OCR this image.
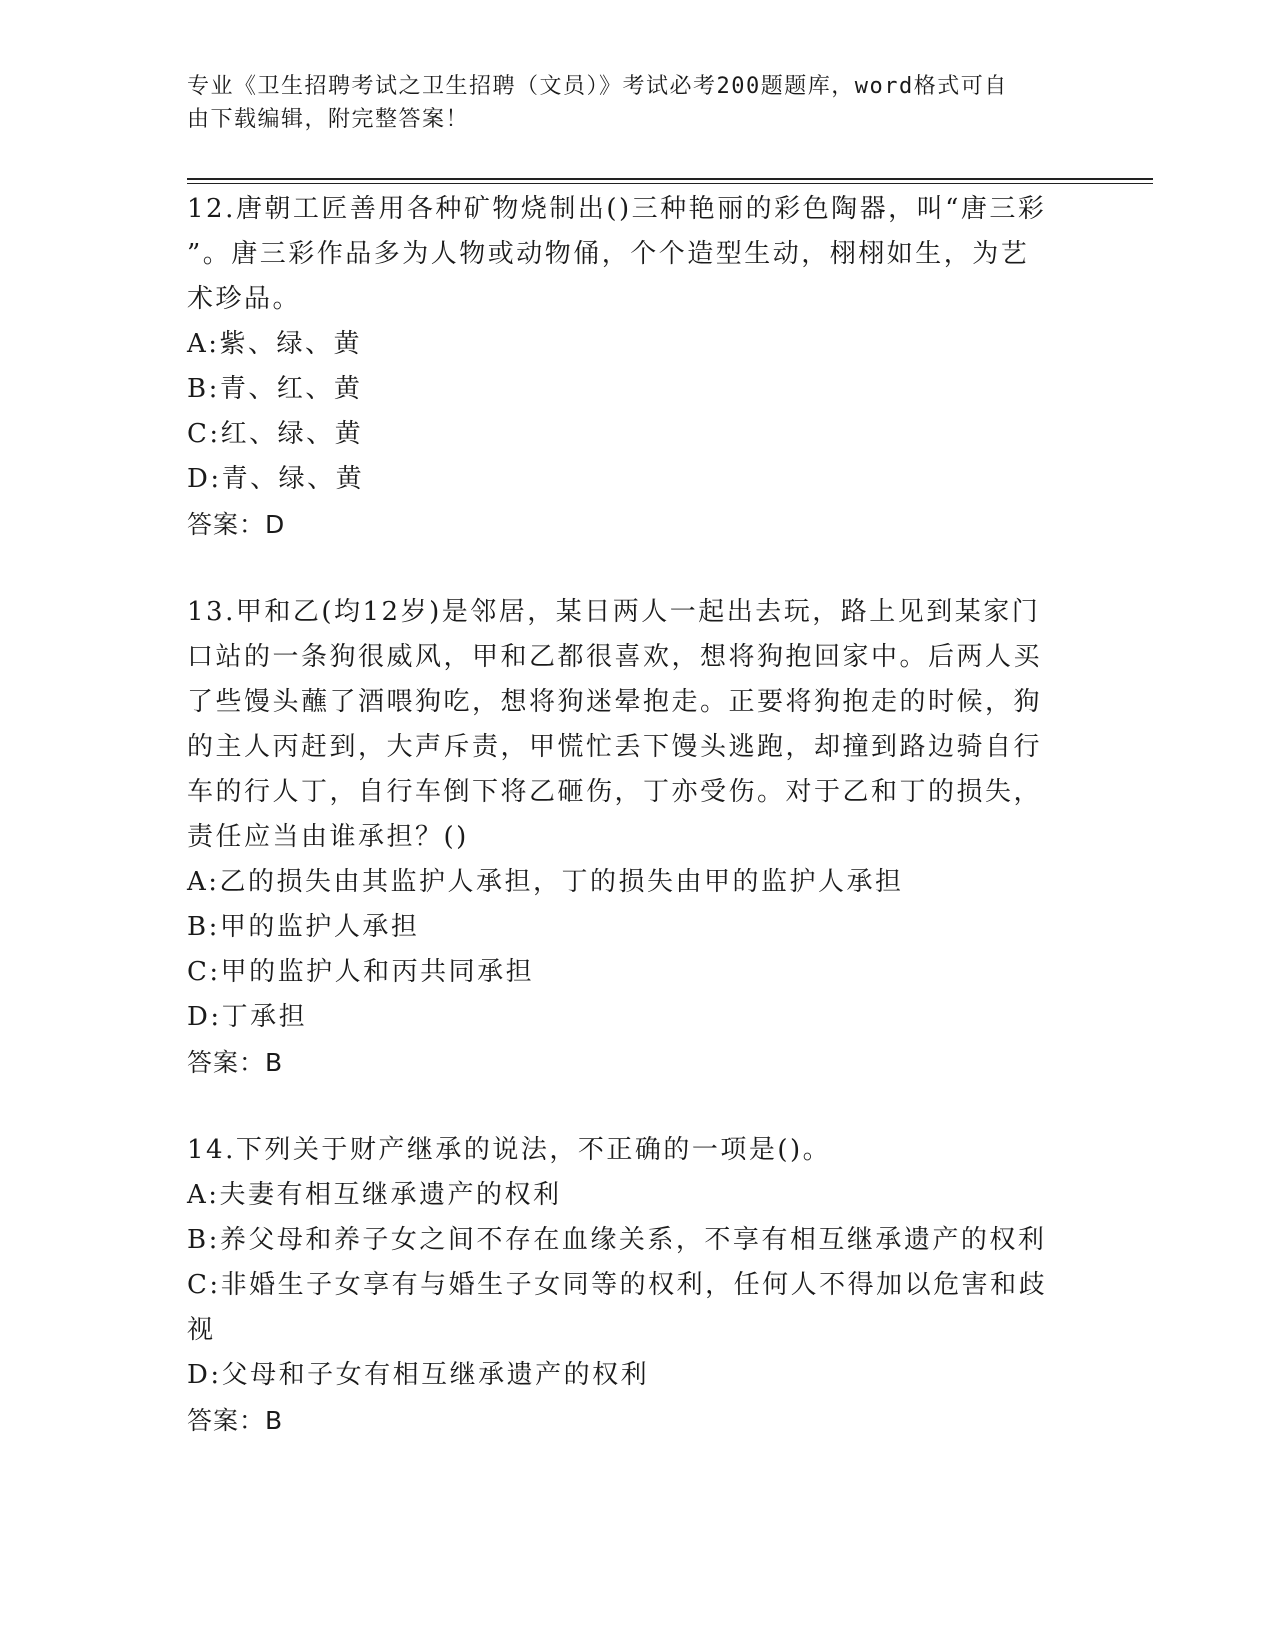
专业《卫生招聘考试之卫生招聘（文员）》考试必考200题题库，word格式可自
由下载编辑，附完整答案！

12.唐朝工匠善用各种矿物烧制出()三种艳丽的彩色陶器，叫“唐三彩

”。唐三彩作品多为人物或动物俑，个个造型生动，栩栩如生，为艺

术珍品。

A:紫、绿、黄

B:青、红、黄

C:红、绿、黄

D:青、绿、黄

答案：D

13.甲和乙(均12岁)是邻居，某日两人一起出去玩，路上见到某家门

口站的一条狗很威风，甲和乙都很喜欢，想将狗抱回家中。后两人买

了些馒头蘸了酒喂狗吃，想将狗迷晕抱走。正要将狗抱走的时候，狗

的主人丙赶到，大声斥责，甲慌忙丢下馒头逃跑，却撞到路边骑自行

车的行人丁，自行车倒下将乙砸伤，丁亦受伤。对于乙和丁的损失，

责任应当由谁承担？()

A:乙的损失由其监护人承担，丁的损失由甲的监护人承担

B:甲的监护人承担

C:甲的监护人和丙共同承担

D:丁承担

答案：B

14.下列关于财产继承的说法，不正确的一项是()。

A:夫妻有相互继承遗产的权利

B:养父母和养子女之间不存在血缘关系，不享有相互继承遗产的权利

C:非婚生子女享有与婚生子女同等的权利，任何人不得加以危害和歧
视

D:父母和子女有相互继承遗产的权利

答案：B
